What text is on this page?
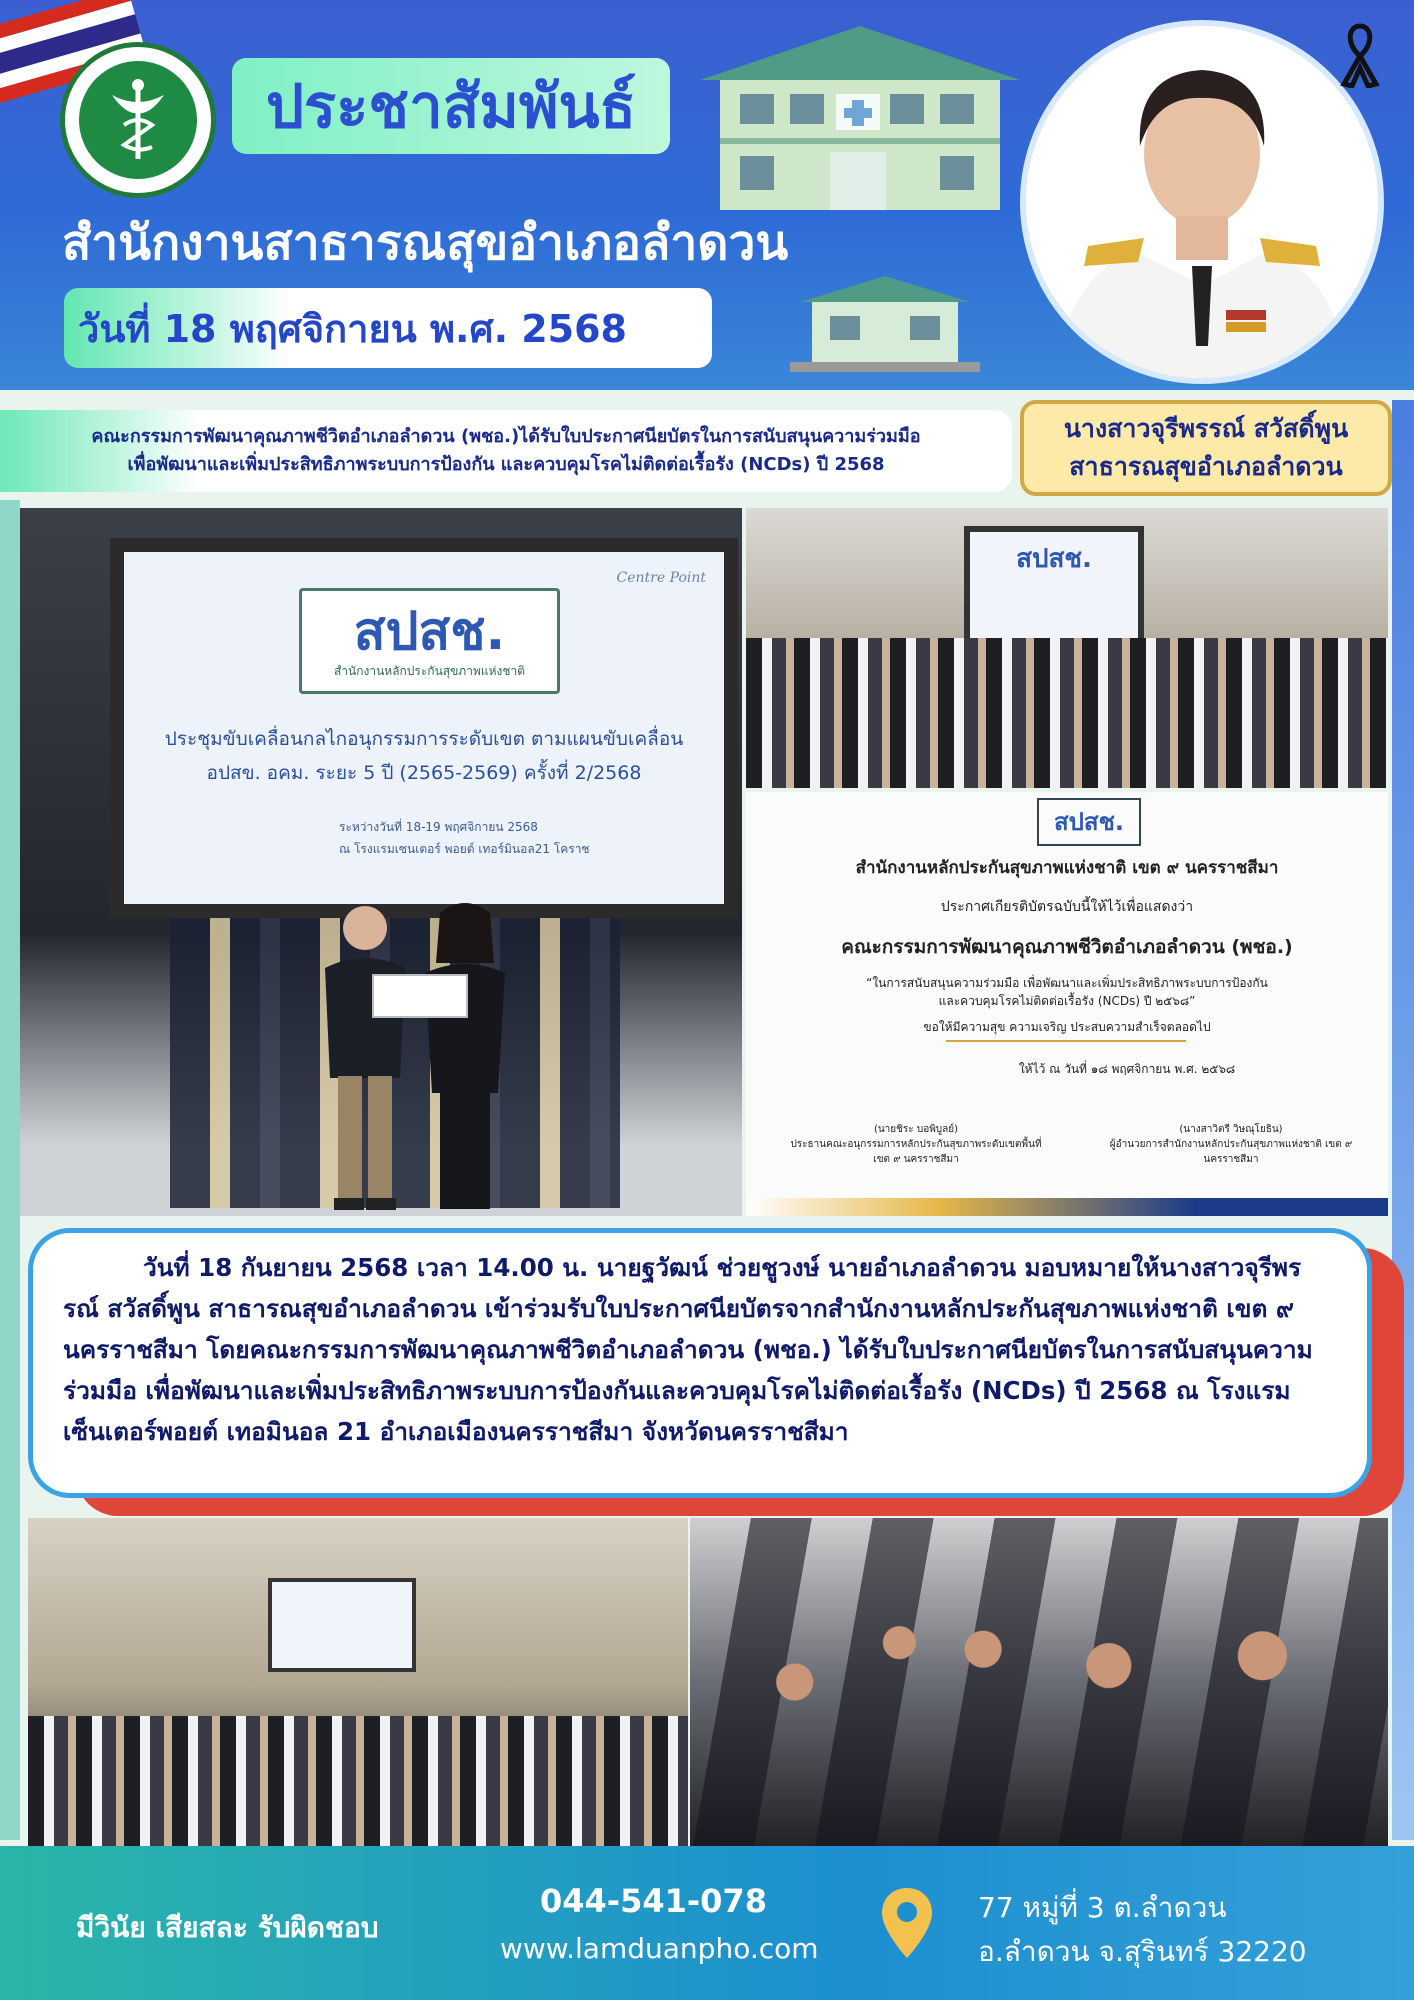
ประชาสัมพันธ์
สำนักงานสาธารณสุขอำเภอลำดวน
วันที่ 18 พฤศจิกายน พ.ศ. 2568
คณะกรรมการพัฒนาคุณภาพชีวิตอำเภอลำดวน (พชอ.)ได้รับใบประกาศนียบัตรในการสนับสนุนความร่วมมือ
เพื่อพัฒนาและเพิ่มประสิทธิภาพระบบการป้องกัน และควบคุมโรคไม่ติดต่อเรื้อรัง (NCDs) ปี 2568
นางสาวจุรีพรรณ์ สวัสดิ์พูน
สาธารณสุขอำเภอลำดวน
Centre Point
สปสช.
สำนักงานหลักประกันสุขภาพแห่งชาติ
ประชุมขับเคลื่อนกลไกอนุกรรมการระดับเขต ตามแผนขับเคลื่อน
อปสข. อคม. ระยะ 5 ปี (2565-2569) ครั้งที่ 2/2568
ระหว่างวันที่ 18-19 พฤศจิกายน 2568
ณ โรงแรมเซนเตอร์ พอยต์ เทอร์มินอล21 โคราช
สปสช.
สปสช.
สำนักงานหลักประกันสุขภาพแห่งชาติ เขต ๙ นครราชสีมา
ประกาศเกียรติบัตรฉบับนี้ให้ไว้เพื่อแสดงว่า
คณะกรรมการพัฒนาคุณภาพชีวิตอำเภอลำดวน (พชอ.)
“ในการสนับสนุนความร่วมมือ เพื่อพัฒนาและเพิ่มประสิทธิภาพระบบการป้องกัน
และควบคุมโรคไม่ติดต่อเรื้อรัง (NCDs) ปี ๒๕๖๘”
ขอให้มีความสุข ความเจริญ ประสบความสำเร็จตลอดไป
ให้ไว้ ณ วันที่ ๑๘ พฤศจิกายน พ.ศ. ๒๕๖๘
(นายชิระ บอพิบูลย์)
ประธานคณะอนุกรรมการหลักประกันสุขภาพระดับเขตพื้นที่ เขต ๙ นครราชสีมา
(นางสาวิตรี วิษณุโยธิน)
ผู้อำนวยการสำนักงานหลักประกันสุขภาพแห่งชาติ เขต ๙ นครราชสีมา

วันที่ 18 กันยายน 2568 เวลา 14.00 น. นายฐวัฒน์ ช่วยชูวงษ์ นายอำเภอลำดวน มอบหมายให้นางสาวจุรีพรรณ์ สวัสดิ์พูน สาธารณสุขอำเภอลำดวน เข้าร่วมรับใบประกาศนียบัตรจากสำนักงานหลักประกันสุขภาพแห่งชาติ เขต ๙ นครราชสีมา โดยคณะกรรมการพัฒนาคุณภาพชีวิตอำเภอลำดวน (พชอ.) ได้รับใบประกาศนียบัตรในการสนับสนุนความร่วมมือ เพื่อพัฒนาและเพิ่มประสิทธิภาพระบบการป้องกันและควบคุมโรคไม่ติดต่อเรื้อรัง (NCDs) ปี 2568 ณ โรงแรมเซ็นเตอร์พอยต์ เทอมินอล 21 อำเภอเมืองนครราชสีมา จังหวัดนครราชสีมา

มีวินัย เสียสละ รับผิดชอบ
044-541-078
www.lamduanpho.com
77 หมู่ที่ 3 ต.ลำดวน
อ.ลำดวน จ.สุรินทร์ 32220
